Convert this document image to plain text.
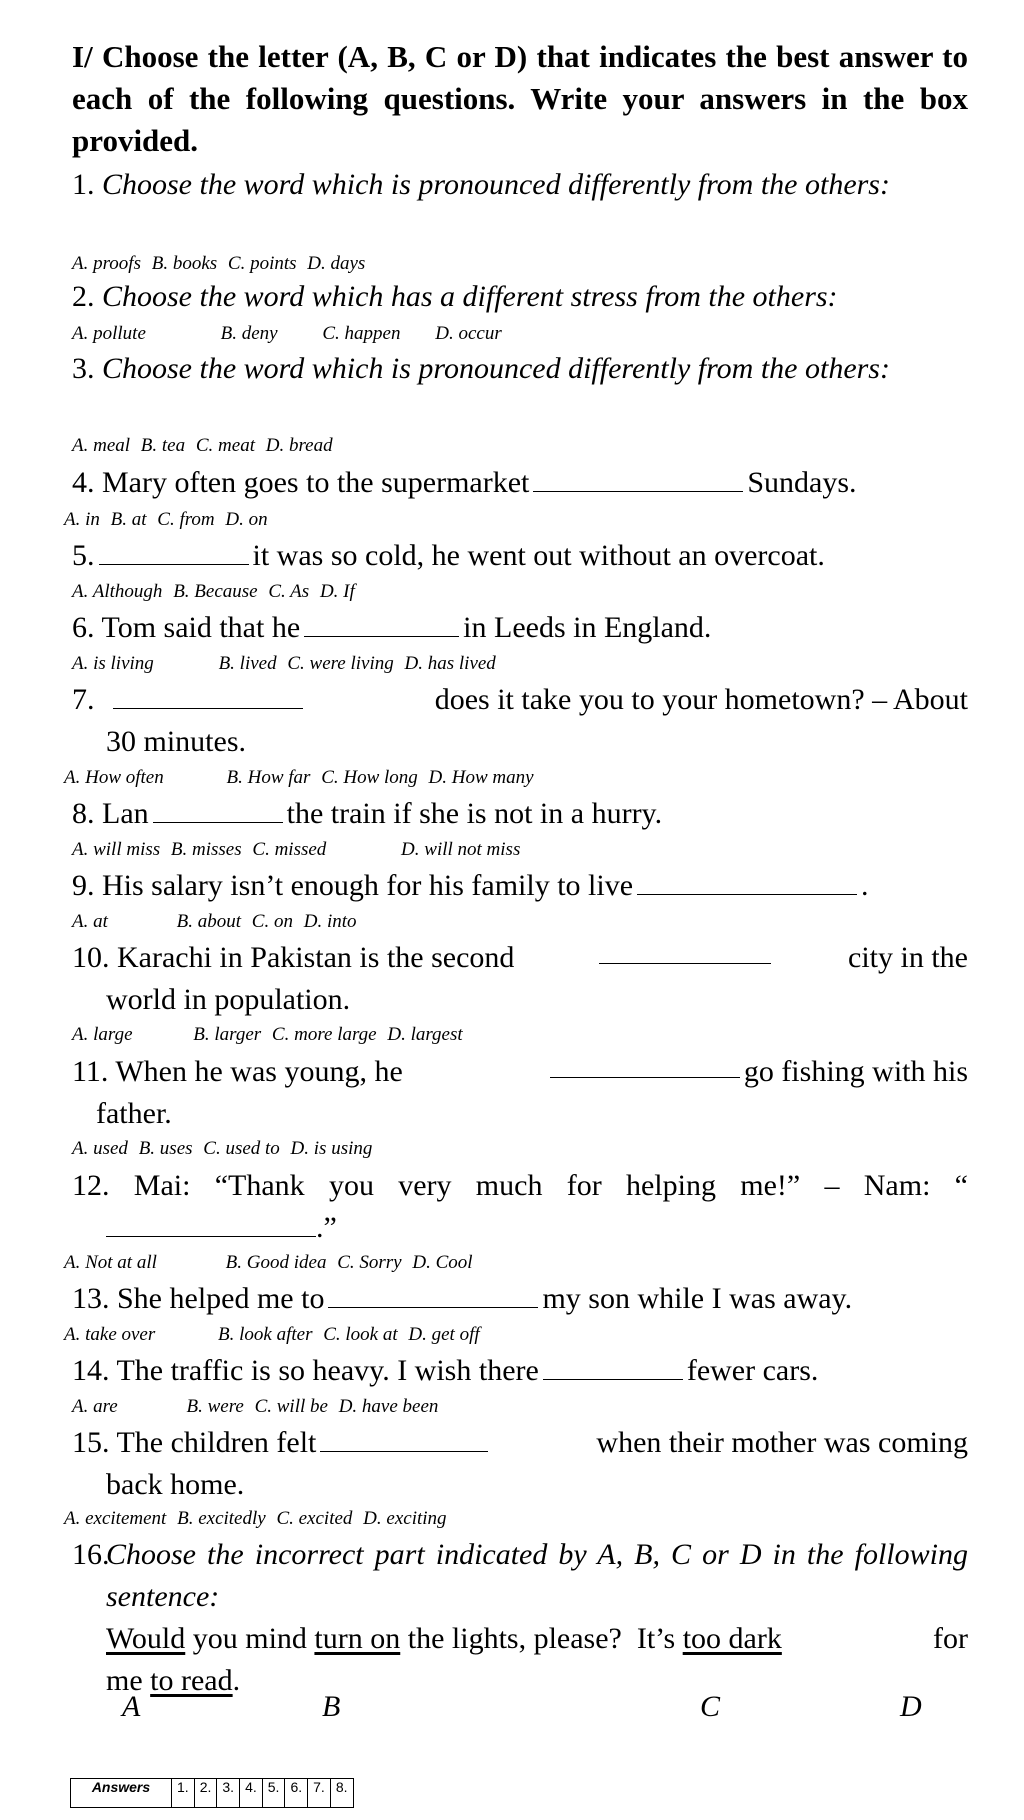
I/ Choose the letter (A, B, C or D) that indicates the best answer to each of the following questions. Write your answers in the box provided.
1. Choose the word which is pronounced differently from the others:
A. proofs B. books C. points D. days
2. Choose the word which has a different stress from the others:
A. pollute	B. deny C. happen D. occur
3. Choose the word which is pronounced differently from the others:
A. meal B. tea C. meat D. bread
4. Mary often goes to the supermarket	Sundays.
A. in B. at C. from D. on
5.	it was so cold, he went out without an overcoat.
A. Although B. Because C. As D. If
6. Tom said that he	in Leeds in England.
A. is living	B. lived C. were living D. has lived
7.	does it take you to your hometown? – About
30 minutes.
A. How often	B. How far C. How long D. How many
8. Lan	the train if she is not in a hurry.
A. will miss B. misses C. missed	D. will not miss
9. His salary isn’t enough for his family to live	.
A. at	B. about C. on D. into
10. Karachi in Pakistan is the second	city in the
world in population.
A. large	B. larger C. more large D. largest
11. When he was young, he	go fishing with his
father.
A. used B. uses C. used to D. is using
12. Mai: “Thank you very much for helping me!” – Nam: “
.”
A. Not at all	B. Good idea C. Sorry D. Cool
13. She helped me to	my son while I was away.
A. take over	B. look after C. look at D. get off
14. The traffic is so heavy. I wish there	fewer cars.
A. are	B. were C. will be D. have been
15. The children felt	when their mother was coming
back home.
A. excitement B. excitedly C. excited D. exciting
16.
Choose the incorrect part indicated by A, B, C or D in the following sentence:
Would you mind turn on the lights, please?  It’s too dark	for
me to read.
A	B	C	D
Answers	1.	2.	3.	4.	5.	6.	7.	8.
